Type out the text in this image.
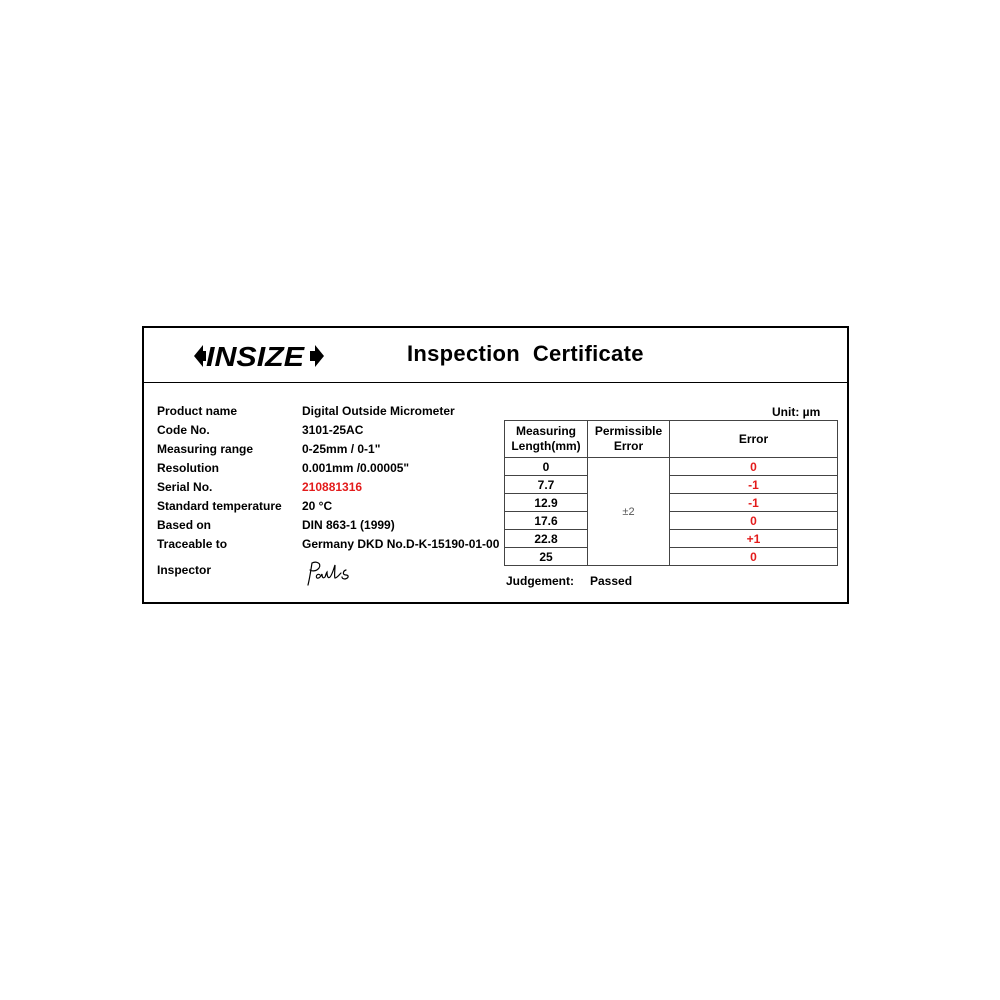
INSIZE	Inspection  Certificate
Product name	Digital Outside Micrometer
Code No.	3101-25AC
Measuring range	0-25mm / 0-1"
Resolution	0.001mm /0.00005"
Serial No.	210881316
Standard temperature	20 °C
Based on	DIN 863-1 (1999)
Traceable to	Germany DKD No.D-K-15190-01-00
Inspector
Unit: µm
Measuring Length(mm)	Permissible Error	Error
0	±2	0
7.7		-1
12.9		-1
17.6		0
22.8		+1
25		0
Judgement: Passed
